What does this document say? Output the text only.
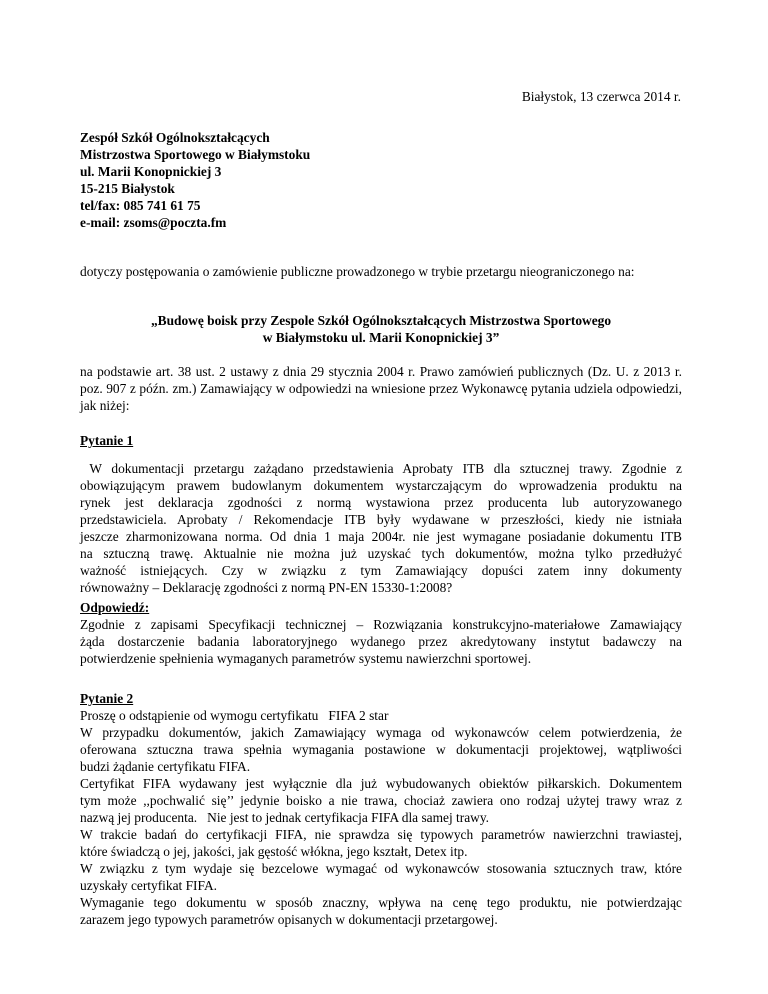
Białystok, 13 czerwca 2014 r.
Zespół Szkół Ogólnokształcących
Mistrzostwa Sportowego w Białymstoku
ul. Marii Konopnickiej 3
15-215 Białystok
tel/fax: 085 741 61 75
e-mail: zsoms@poczta.fm
dotyczy postępowania o zamówienie publiczne prowadzonego w trybie przetargu nieograniczonego na:
„Budowę boisk przy Zespole Szkół Ogólnokształcących Mistrzostwa Sportowego
w Białymstoku ul. Marii Konopnickiej 3”
na podstawie art. 38 ust. 2 ustawy z dnia 29 stycznia 2004 r. Prawo zamówień publicznych (Dz. U. z 2013 r. poz. 907 z późn. zm.) Zamawiający w odpowiedzi na wniesione przez Wykonawcę pytania udziela odpowiedzi, jak niżej:
Pytanie 1
W dokumentacji przetargu zażądano przedstawienia Aprobaty ITB dla sztucznej trawy. Zgodnie z
obowiązującym prawem budowlanym dokumentem wystarczającym do wprowadzenia produktu na
rynek jest deklaracja zgodności z normą wystawiona przez producenta lub autoryzowanego
przedstawiciela. Aprobaty / Rekomendacje ITB były wydawane w przeszłości, kiedy nie istniała
jeszcze zharmonizowana norma. Od dnia 1 maja 2004r. nie jest wymagane posiadanie dokumentu ITB
na sztuczną trawę. Aktualnie nie można już uzyskać tych dokumentów, można tylko przedłużyć
ważność istniejących. Czy w związku z tym Zamawiający dopuści zatem inny dokumenty
równoważny – Deklarację zgodności z normą PN-EN 15330-1:2008?
Odpowiedź:
Zgodnie z zapisami Specyfikacji technicznej – Rozwiązania konstrukcyjno-materiałowe Zamawiający
żąda dostarczenie badania laboratoryjnego wydanego przez akredytowany instytut badawczy na
potwierdzenie spełnienia wymaganych parametrów systemu nawierzchni sportowej.
Pytanie 2
Proszę o odstąpienie od wymogu certyfikatu   FIFA 2 star
W przypadku dokumentów, jakich Zamawiający wymaga od wykonawców celem potwierdzenia, że
oferowana sztuczna trawa spełnia wymagania postawione w dokumentacji projektowej, wątpliwości
budzi żądanie certyfikatu FIFA.
Certyfikat FIFA wydawany jest wyłącznie dla już wybudowanych obiektów piłkarskich. Dokumentem
tym może ,,pochwalić się’’ jedynie boisko a nie trawa, chociaż zawiera ono rodzaj użytej trawy wraz z
nazwą jej producenta.   Nie jest to jednak certyfikacja FIFA dla samej trawy.
W trakcie badań do certyfikacji FIFA, nie sprawdza się typowych parametrów nawierzchni trawiastej,
które świadczą o jej, jakości, jak gęstość włókna, jego kształt, Detex itp.
W związku z tym wydaje się bezcelowe wymagać od wykonawców stosowania sztucznych traw, które
uzyskały certyfikat FIFA.
Wymaganie tego dokumentu w sposób znaczny, wpływa na cenę tego produktu, nie potwierdzając
zarazem jego typowych parametrów opisanych w dokumentacji przetargowej.
